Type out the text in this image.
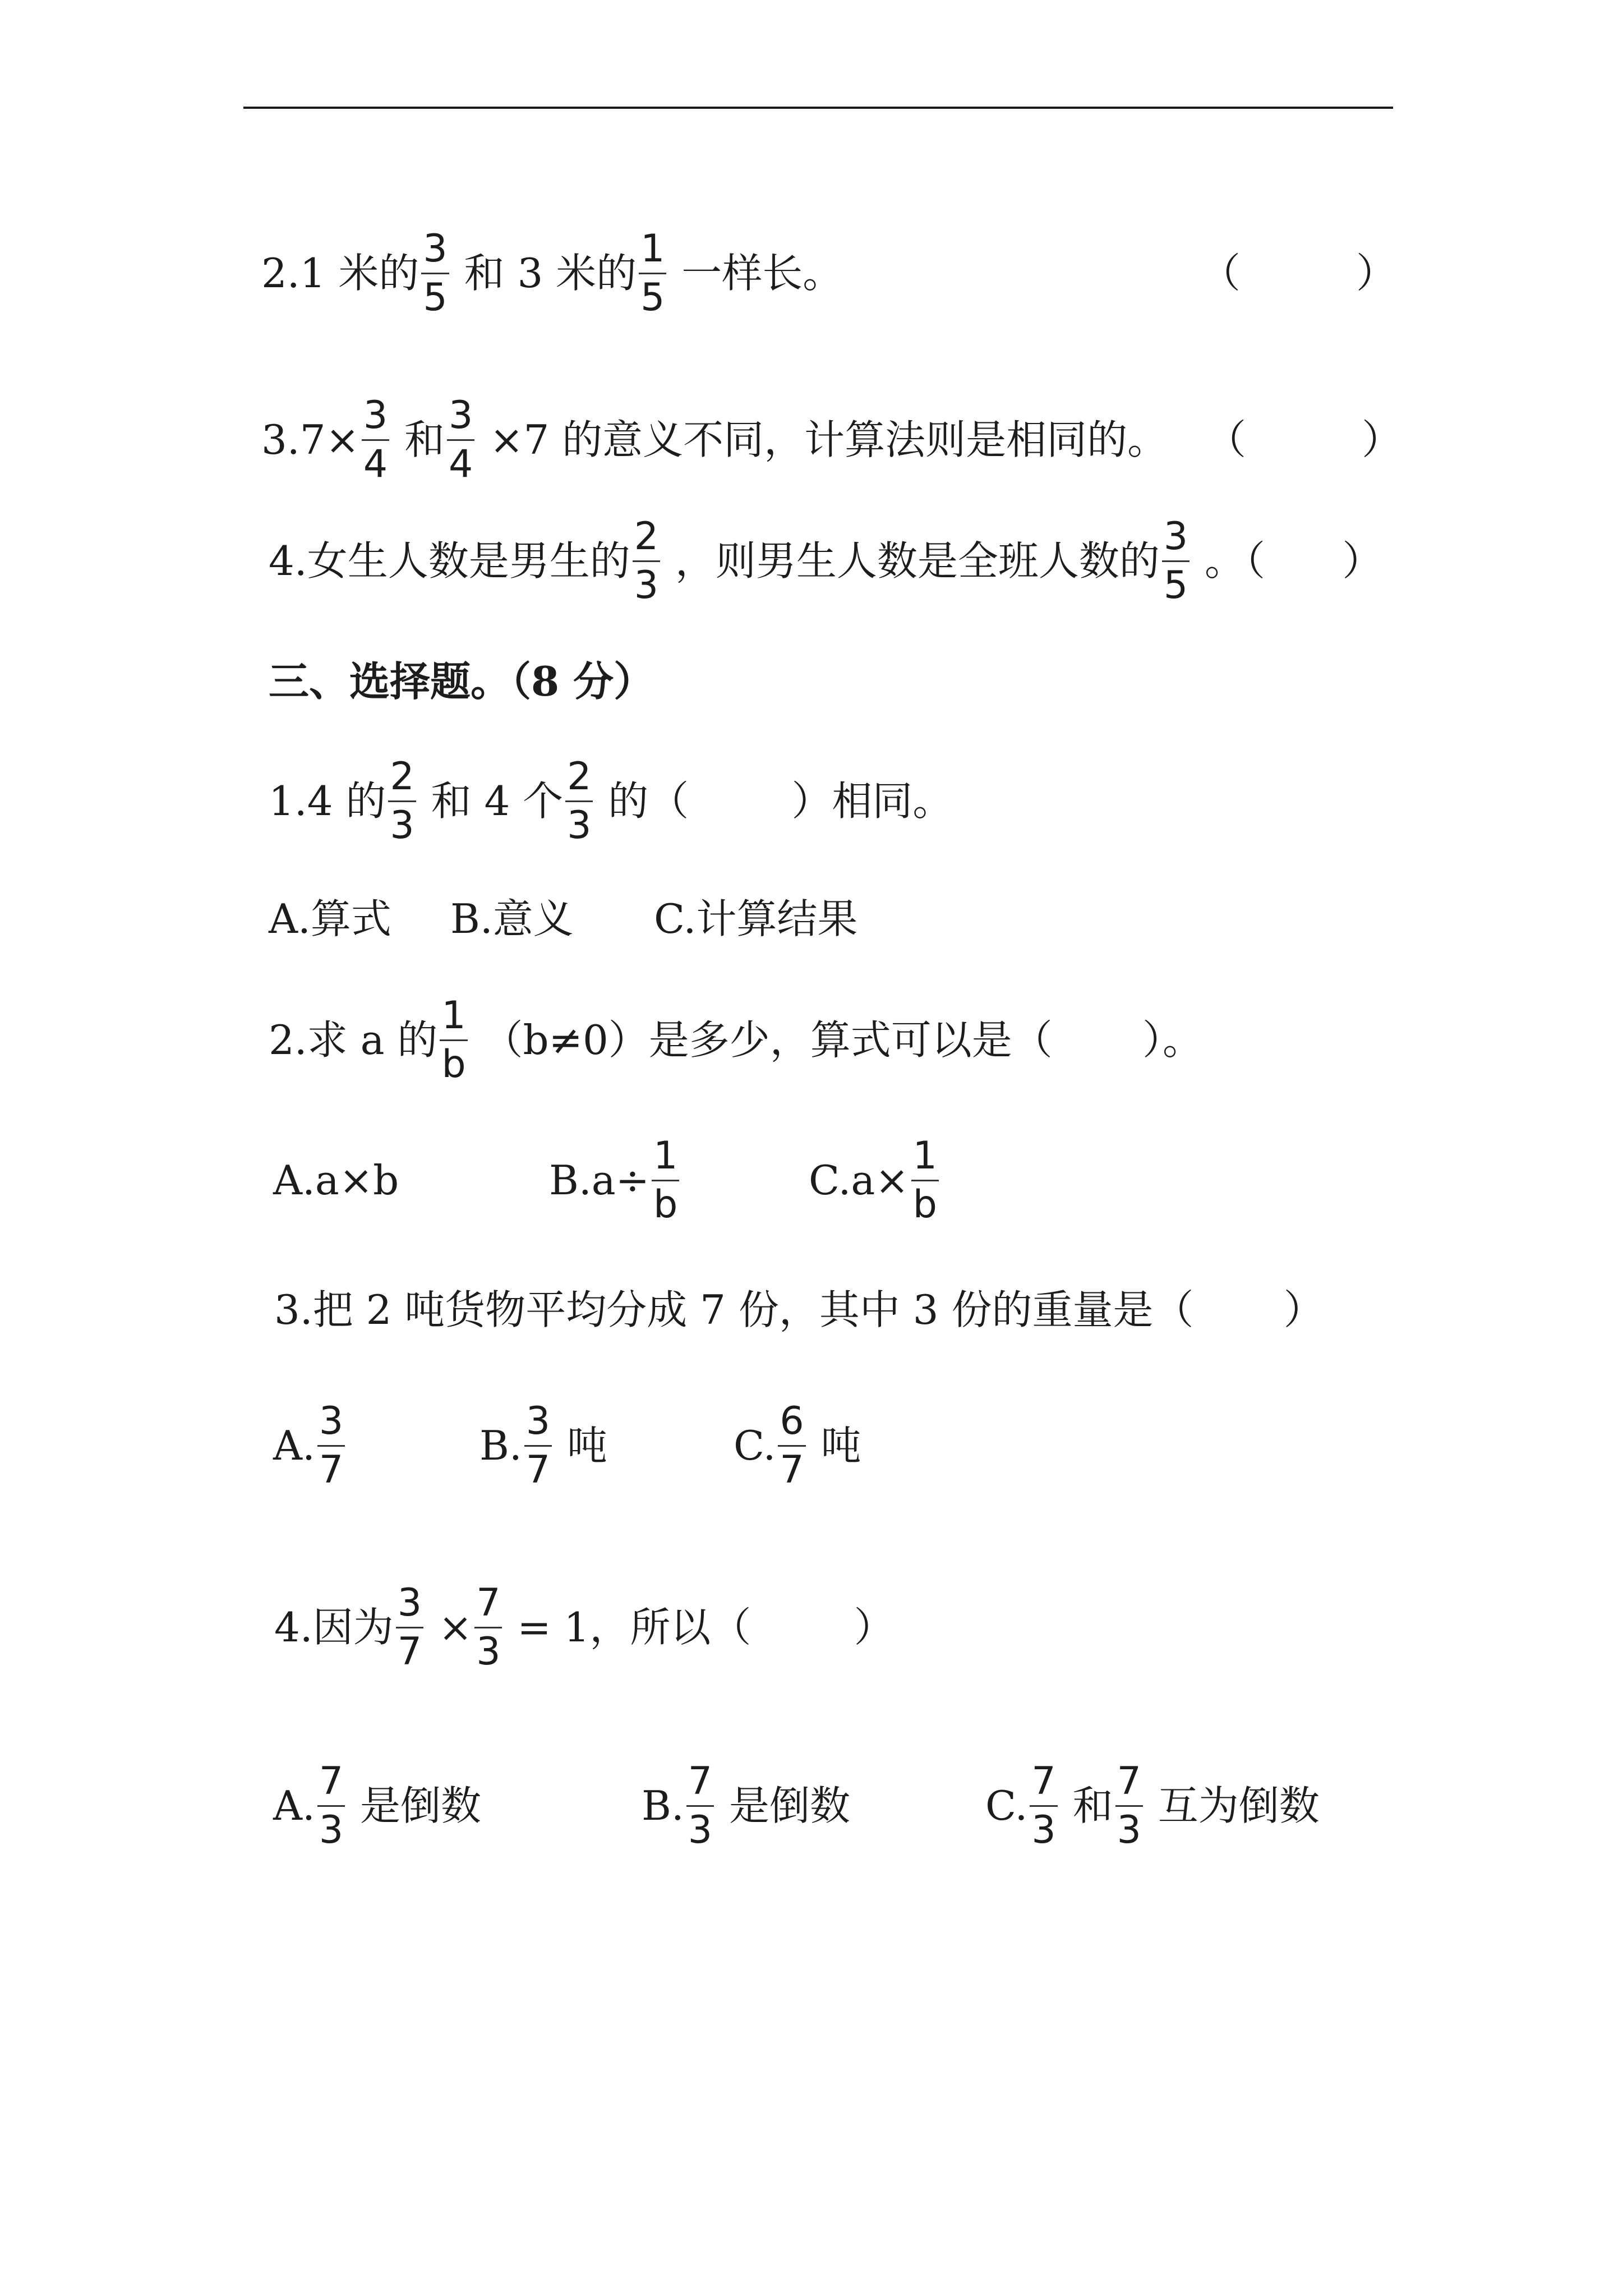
2.1 米的 $\frac{3}{5}$ 和 3 米的 $\frac{1}{5}$ 一样长。	（         ）
$3.7\times \frac{3}{4}$ 和 $\frac{3}{4} \times 7$ 的意义不同，计算法则是相同的。 （         ）
4.女生人数是男生的 $\frac{2}{3}$ ，则男生人数是全班人数的 $\frac{3}{5}$ 。（      ）
三、选择题。（8 分）
1.4 的 $\frac{2}{3}$ 和 4 个 $\frac{2}{3}$ 的（        ）相同。
A.算式 B.意义 C.计算结果
2.求 a 的 $\frac{1}{b} (b\ne 0)$是多少，算式可以是（       ）。
A.a×b	$B.a\div \frac{1}{b}$	$C.a\times \frac{1}{b}$
3.把 2 吨货物平均分成 7 份，其中 3 份的重量是（       ）
A. $\frac{3}{7}$	B. $\frac{3}{7}$ 吨	C. $\frac{6}{7}$ 吨
4.因为 $\frac{3}{7} \times \frac{7}{3} = 1$，所以（        ）
A. $\frac{7}{3}$ 是倒数	B. $\frac{7}{3}$ 是倒数	C. $\frac{7}{3}$ 和 $\frac{7}{3}$ 互为倒数
